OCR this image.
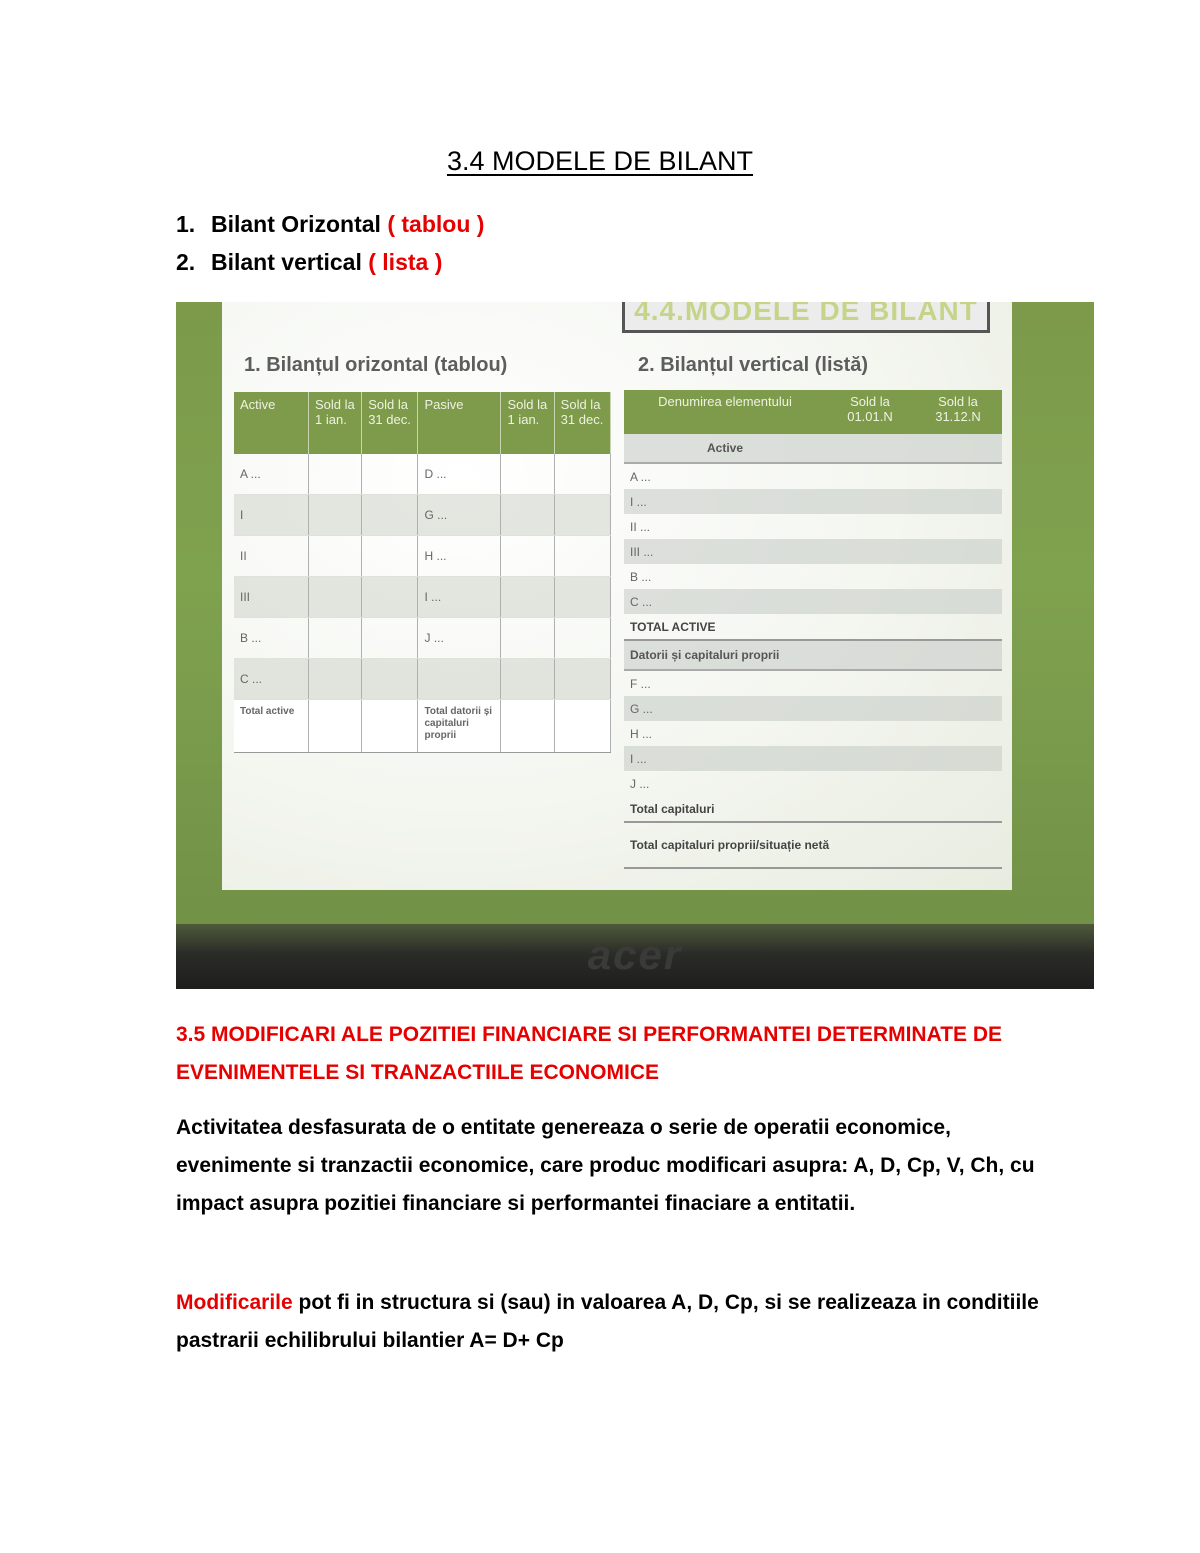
3.4 MODELE DE BILANT
1. Bilant Orizontal ( tablou )
2. Bilant vertical ( lista )
4.4.MODELE DE BILANT
1. Bilanțul orizontal (tablou)	2. Bilanțul vertical (listă)
Active	Sold la 1 ian.	Sold la 31 dec.	Pasive	Sold la 1 ian.	Sold la 31 dec.
A ...			D ...		
I			G ...		
II			H ...		
III			I ...		
B ...			J ...		
C ...					
Total active			Total datorii și capitaluri proprii		
Denumirea elementului	Sold la 01.01.N	Sold la 31.12.N
Active		
A ...		
I ...		
II ...		
III ...		
B ...		
C ...		
TOTAL ACTIVE		
Datorii și capitaluri proprii		
F ...		
G ...		
H ...		
I ...		
J ...		
Total capitaluri		
Total capitaluri proprii/situație netă		
acer
3.5 MODIFICARI ALE POZITIEI FINANCIARE SI PERFORMANTEI DETERMINATE DE EVENIMENTELE SI TRANZACTIILE ECONOMICE
Activitatea desfasurata de o entitate genereaza o serie de operatii economice, evenimente si tranzactii economice, care produc modificari asupra: A, D, Cp, V, Ch, cu impact asupra pozitiei financiare si performantei finaciare a entitatii.
Modificarile pot fi in structura si (sau) in valoarea A, D, Cp, si se realizeaza in conditiile pastrarii echilibrului bilantier A= D+ Cp
